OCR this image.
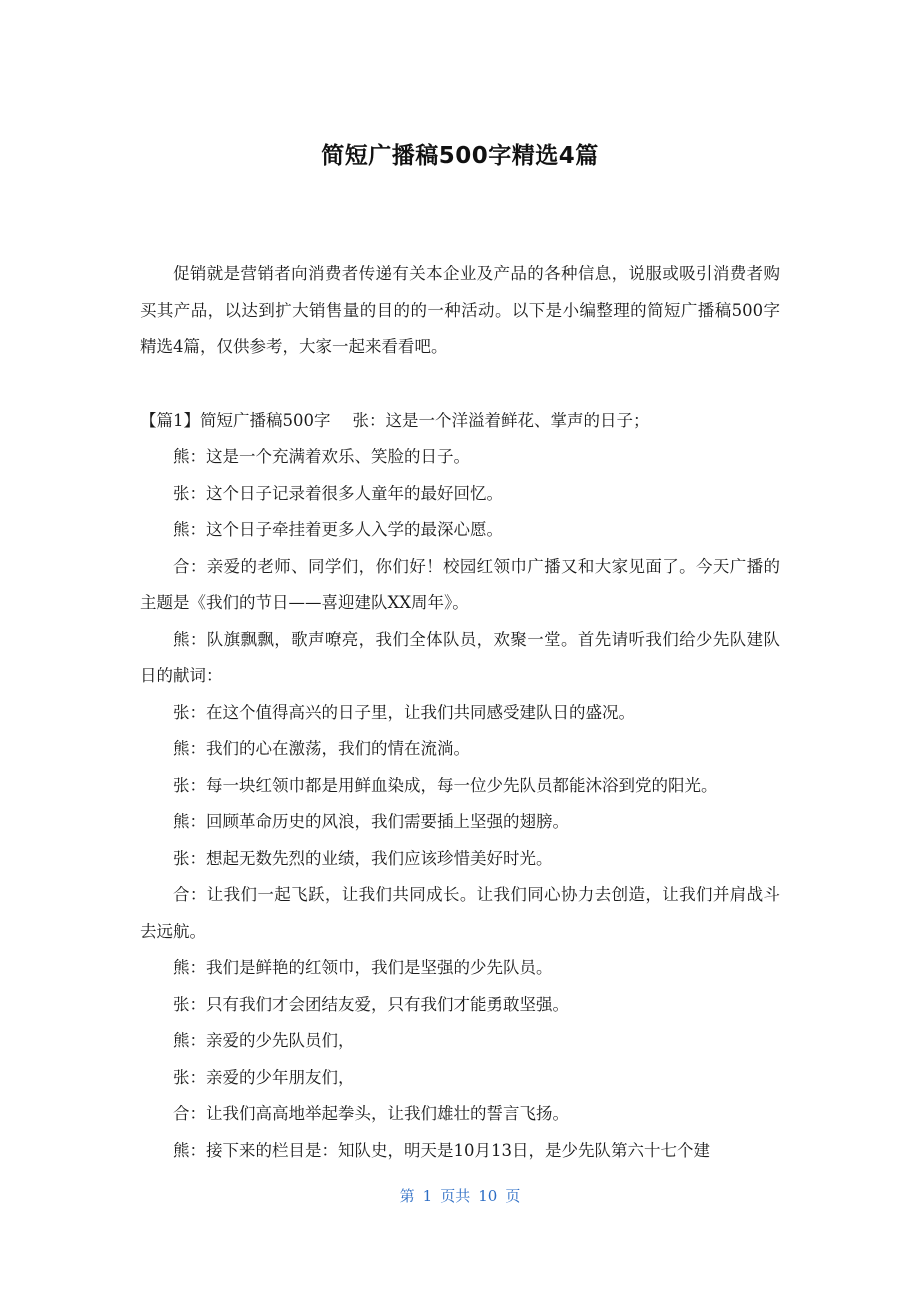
简短广播稿500字精选4篇

促销就是营销者向消费者传递有关本企业及产品的各种信息，说服或吸引消费者购买其产品，以达到扩大销售量的目的的一种活动。以下是小编整理的简短广播稿500字精选4篇，仅供参考，大家一起来看看吧。

【篇1】简短广播稿500字 张：这是一个洋溢着鲜花、掌声的日子；

熊：这是一个充满着欢乐、笑脸的日子。

张：这个日子记录着很多人童年的最好回忆。

熊：这个日子牵挂着更多人入学的最深心愿。

合：亲爱的老师、同学们，你们好！校园红领巾广播又和大家见面了。今天广播的主题是《我们的节日——喜迎建队XX周年》。

熊：队旗飘飘，歌声嘹亮，我们全体队员，欢聚一堂。首先请听我们给少先队建队日的献词：

张：在这个值得高兴的日子里，让我们共同感受建队日的盛况。

熊：我们的心在激荡，我们的情在流淌。

张：每一块红领巾都是用鲜血染成，每一位少先队员都能沐浴到党的阳光。

熊：回顾革命历史的风浪，我们需要插上坚强的翅膀。

张：想起无数先烈的业绩，我们应该珍惜美好时光。

合：让我们一起飞跃，让我们共同成长。让我们同心协力去创造，让我们并肩战斗去远航。

熊：我们是鲜艳的红领巾，我们是坚强的少先队员。

张：只有我们才会团结友爱，只有我们才能勇敢坚强。

熊：亲爱的少先队员们，

张：亲爱的少年朋友们，

合：让我们高高地举起拳头，让我们雄壮的誓言飞扬。

熊：接下来的栏目是：知队史，明天是10月13日，是少先队第六十七个建

第 1 页共 10 页
